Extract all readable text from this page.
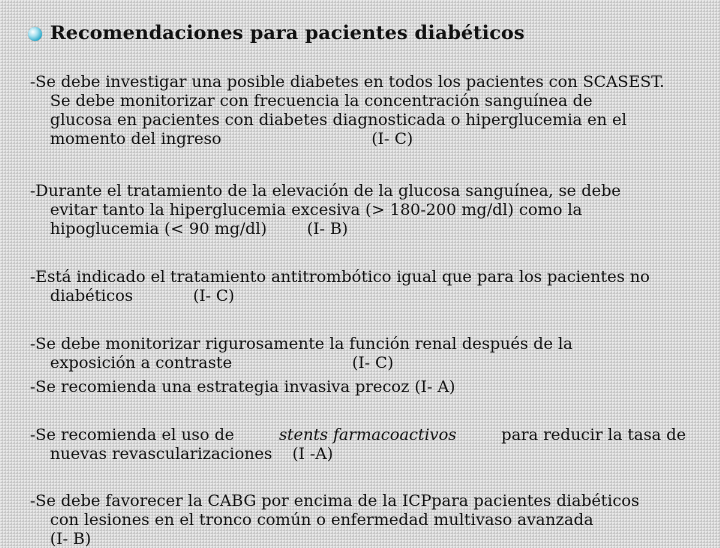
Recomendaciones para pacientes diabéticos
-Se debe investigar una posible diabetes en todos los pacientes con SCASEST.
Se debe monitorizar con frecuencia la concentración sanguínea de
glucosa en pacientes con diabetes diagnosticada o hiperglucemia en el
momento del ingreso	(I- C)
-Durante el tratamiento de la elevación de la glucosa sanguínea, se debe
evitar tanto la hiperglucemia excesiva (> 180-200 mg/dl) como la
hipoglucemia (< 90 mg/dl)	(I- B)
-Está indicado el tratamiento antitrombótico igual que para los pacientes no
diabéticos	(I- C)
-Se debe monitorizar rigurosamente la función renal después de la
exposición a contraste	(I- C)
-Se recomienda una estrategia invasiva precoz (I- A)
-Se recomienda el uso de	stents farmacoactivos	para reducir la tasa de
nuevas revascularizaciones (I -A)
-Se debe favorecer la CABG por encima de la ICPpara pacientes diabéticos
con lesiones en el tronco común o enfermedad multivaso avanzada
(I- B)
